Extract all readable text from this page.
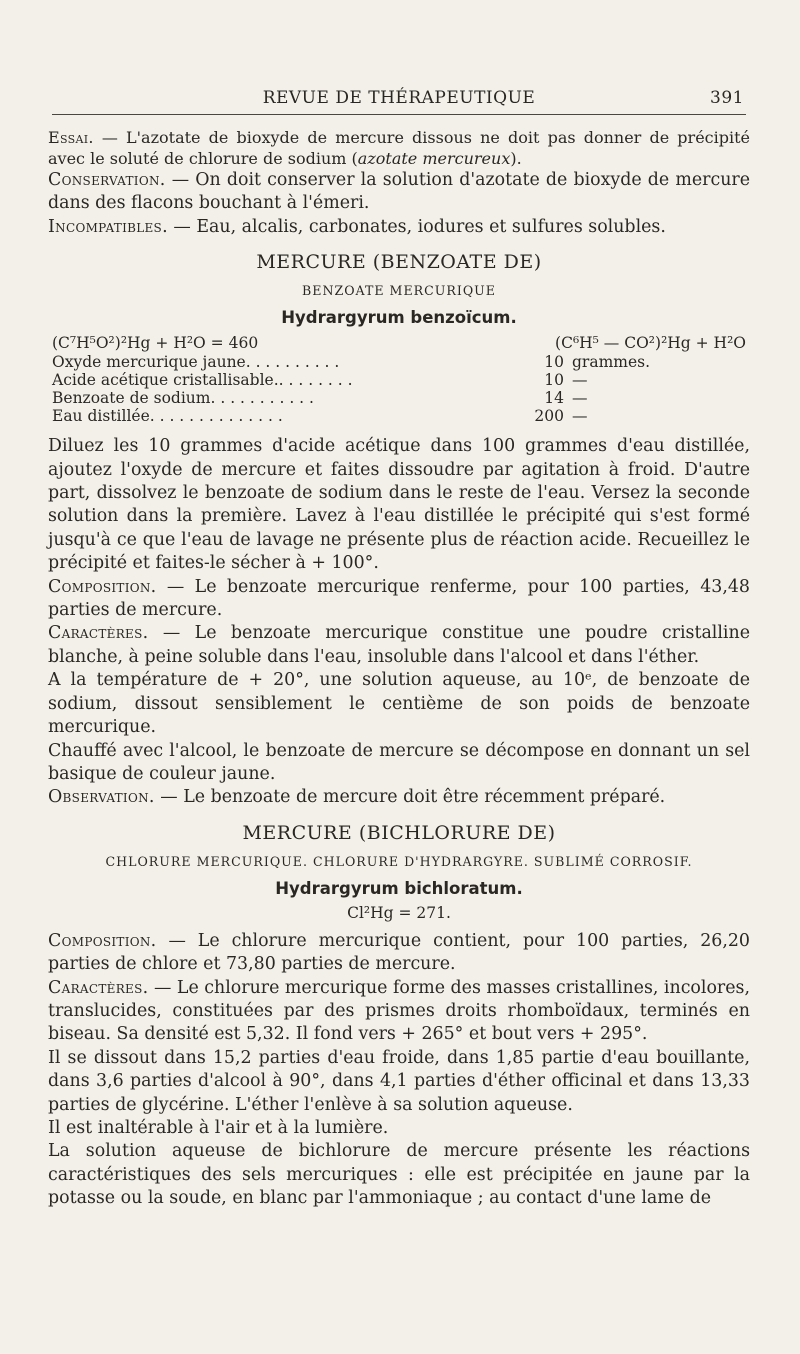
REVUE DE THÉRAPEUTIQUE	391

Essai. — L'azotate de bioxyde de mercure dissous ne doit pas donner de précipité avec le soluté de chlorure de sodium (azotate mercureux).

Conservation. — On doit conserver la solution d'azotate de bioxyde de mercure dans des flacons bouchant à l'émeri.

Incompatibles. — Eau, alcalis, carbonates, iodures et sulfures solubles.

MERCURE (BENZOATE DE)
BENZOATE MERCURIQUE
Hydrargyrum benzoïcum.
(C⁷H⁵O²)²Hg + H²O = 460	(C⁶H⁵ — CO²)²Hg + H²O
Oxyde mercurique jaune. . . . . . . . . .	10	grammes.
Acide acétique cristallisable.. . . . . . . .	10	—
Benzoate de sodium. . . . . . . . . . .	14	—
Eau distillée. . . . . . . . . . . . . .	200	—

Diluez les 10 grammes d'acide acétique dans 100 grammes d'eau distillée, ajoutez l'oxyde de mercure et faites dissoudre par agitation à froid. D'autre part, dissolvez le benzoate de sodium dans le reste de l'eau. Versez la seconde solution dans la première. Lavez à l'eau distillée le précipité qui s'est formé jusqu'à ce que l'eau de lavage ne présente plus de réaction acide. Recueillez le précipité et faites-le sécher à + 100°.

Composition. — Le benzoate mercurique renferme, pour 100 parties, 43,48 parties de mercure.

Caractères. — Le benzoate mercurique constitue une poudre cristalline blanche, à peine soluble dans l'eau, insoluble dans l'alcool et dans l'éther.

A la température de + 20°, une solution aqueuse, au 10ᵉ, de benzoate de sodium, dissout sensiblement le centième de son poids de benzoate mercurique.

Chauffé avec l'alcool, le benzoate de mercure se décompose en donnant un sel basique de couleur jaune.

Observation. — Le benzoate de mercure doit être récemment préparé.

MERCURE (BICHLORURE DE)
CHLORURE MERCURIQUE. CHLORURE D'HYDRARGYRE. SUBLIMÉ CORROSIF.
Hydrargyrum bichloratum.
Cl²Hg = 271.

Composition. — Le chlorure mercurique contient, pour 100 parties, 26,20 parties de chlore et 73,80 parties de mercure.

Caractères. — Le chlorure mercurique forme des masses cristallines, incolores, translucides, constituées par des prismes droits rhomboïdaux, terminés en biseau. Sa densité est 5,32. Il fond vers + 265° et bout vers + 295°.

Il se dissout dans 15,2 parties d'eau froide, dans 1,85 partie d'eau bouillante, dans 3,6 parties d'alcool à 90°, dans 4,1 parties d'éther officinal et dans 13,33 parties de glycérine. L'éther l'enlève à sa solution aqueuse.

Il est inaltérable à l'air et à la lumière.

La solution aqueuse de bichlorure de mercure présente les réactions caractéristiques des sels mercuriques : elle est précipitée en jaune par la potasse ou la soude, en blanc par l'ammoniaque ; au contact d'une lame de
